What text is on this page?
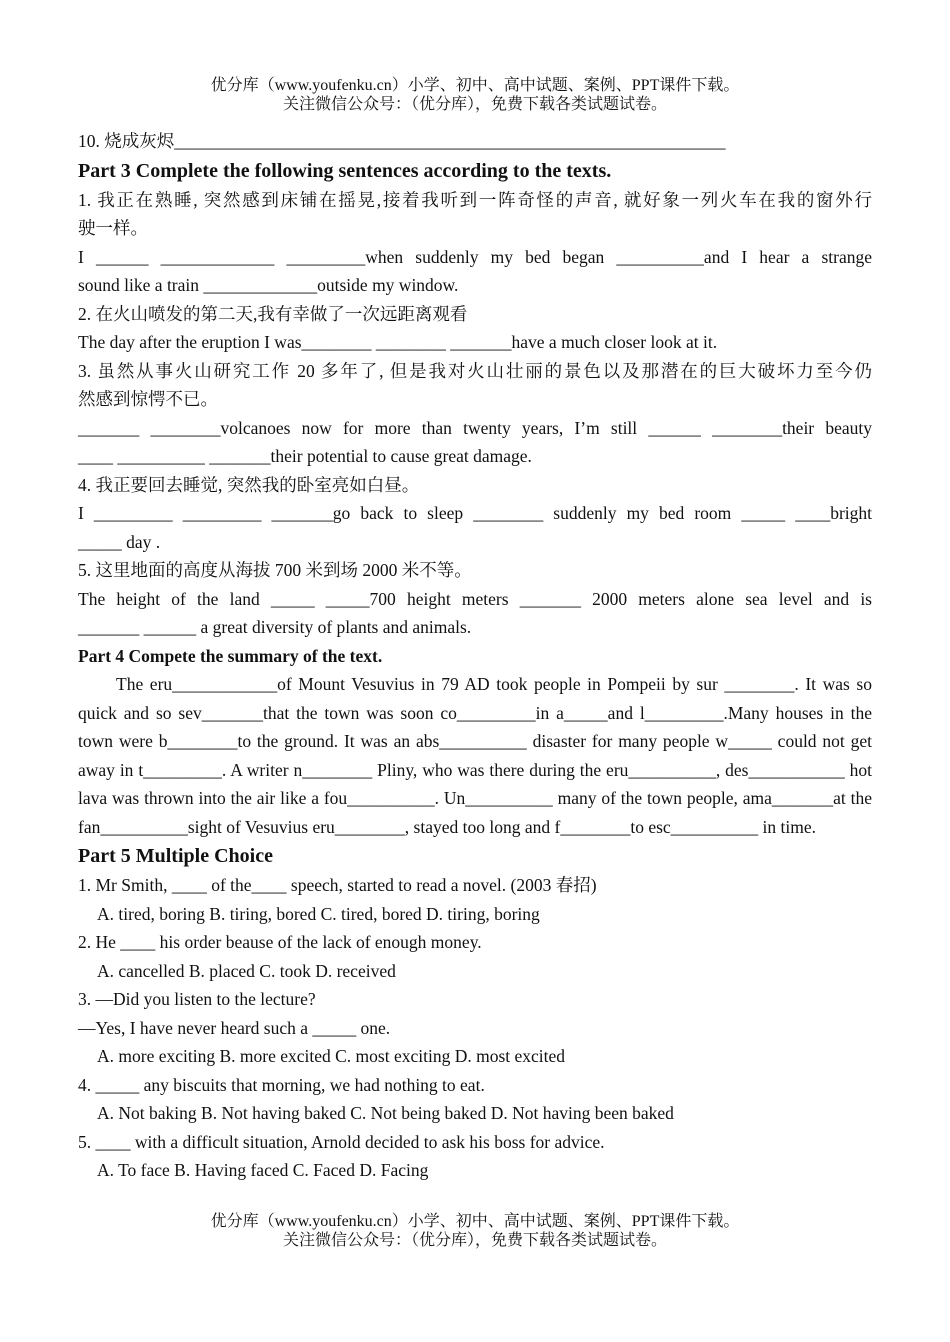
优分库（www.youfenku.cn）小学、初中、高中试题、案例、PPT课件下载。
关注微信公众号：（优分库），免费下载各类试题试卷。

10. 烧成灰烬_______________________________________________________________

Part 3 Complete the following sentences according to the texts.

1. 我正在熟睡, 突然感到床铺在摇晃,接着我听到一阵奇怪的声音, 就好象一列火车在我的窗外行

驶一样。

I ______ _____________ _________when suddenly my bed began __________and I hear a strange

sound like a train _____________outside my window.

2. 在火山喷发的第二天,我有幸做了一次远距离观看

The day after the eruption I was________ ________ _______have a much closer look at it.

3. 虽然从事火山研究工作 20 多年了, 但是我对火山壮丽的景色以及那潜在的巨大破坏力至今仍

然感到惊愕不已。

_______ ________volcanoes now for more than twenty years, I’m still ______ ________their beauty

____ __________ _______their potential to cause great damage.

4. 我正要回去睡觉, 突然我的卧室亮如白昼。

I _________ _________ _______go back to sleep ________ suddenly my bed room _____ ____bright

_____ day .

5. 这里地面的高度从海拔 700 米到场 2000 米不等。

The height of the land _____ _____700 height meters _______ 2000 meters alone sea level and is

_______ ______ a great diversity of plants and animals.

Part 4 Compete the summary of the text.

The eru____________of Mount Vesuvius in 79 AD took people in Pompeii by sur ________. It was so quick and so sev_______that the town was soon co_________in a_____and l_________.Many houses in the town were b________to the ground. It was an abs__________ disaster for many people w_____ could not get away in t_________. A writer n________ Pliny, who was there during the eru__________, des___________ hot lava was thrown into the air like a fou__________. Un__________ many of the town people, ama_______at the fan__________sight of Vesuvius eru________, stayed too long and f________to esc__________ in time.

Part 5 Multiple Choice

1. Mr Smith, ____ of the____ speech, started to read a novel. (2003 春招)

A. tired, boring B. tiring, bored C. tired, bored D. tiring, boring

2. He ____ his order beause of the lack of enough money.

A. cancelled B. placed C. took D. received

3. —Did you listen to the lecture?

—Yes, I have never heard such a _____ one.

A. more exciting B. more excited C. most exciting D. most excited

4. _____ any biscuits that morning, we had nothing to eat.

A. Not baking B. Not having baked C. Not being baked D. Not having been baked

5. ____ with a difficult situation, Arnold decided to ask his boss for advice.

A. To face B. Having faced C. Faced D. Facing

优分库（www.youfenku.cn）小学、初中、高中试题、案例、PPT课件下载。
关注微信公众号：（优分库），免费下载各类试题试卷。
